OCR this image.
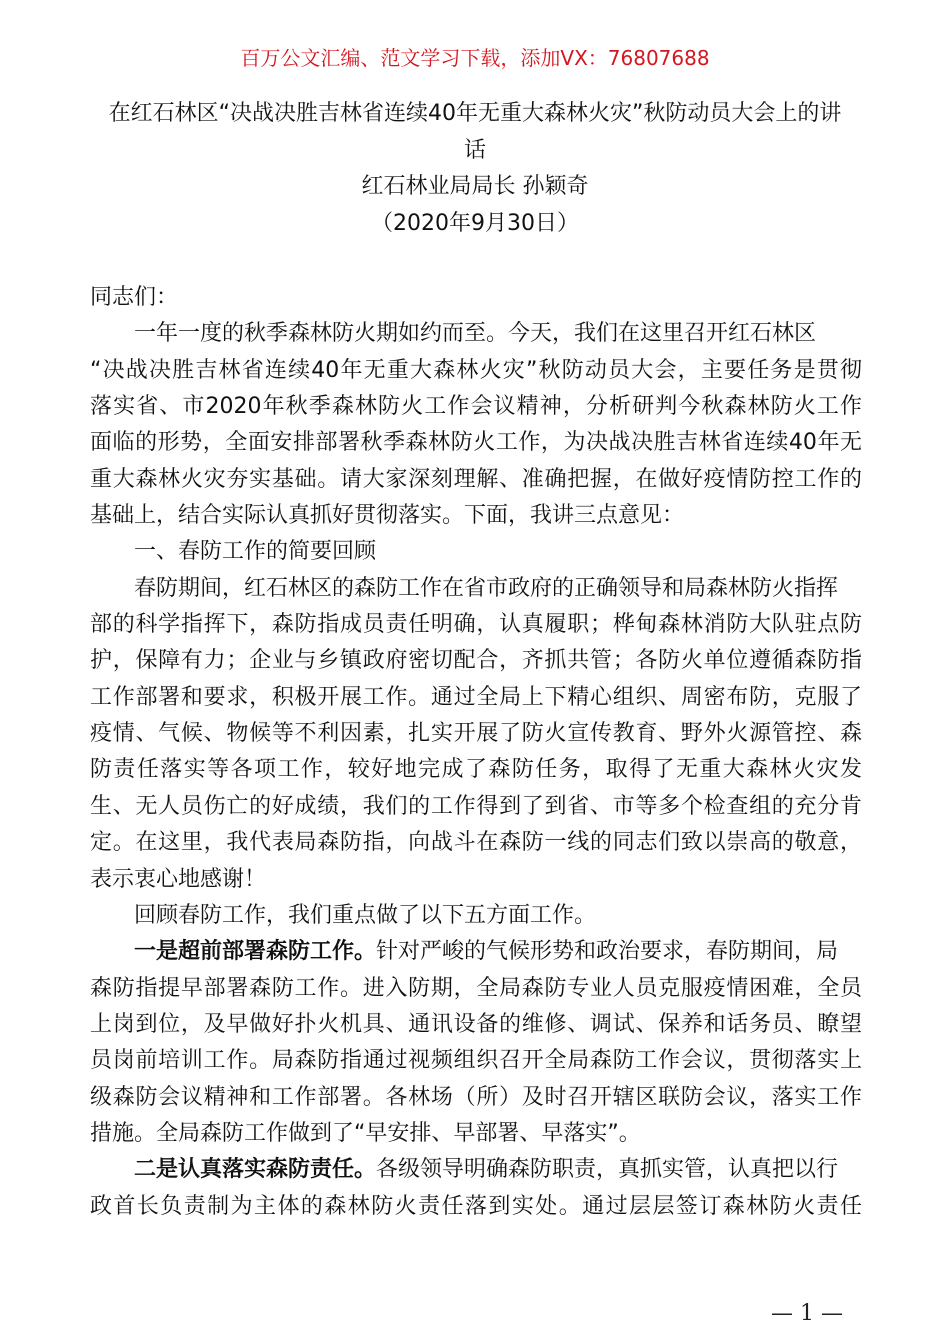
百万公文汇编、范文学习下载，添加VX：76807688
在红石林区“决战决胜吉林省连续40年无重大森林火灾”秋防动员大会上的讲
话
红石林业局局长 孙颖奇
（2020年9月30日）
同志们：
一年一度的秋季森林防火期如约而至。今天，我们在这里召开红石林区
“决战决胜吉林省连续40年无重大森林火灾”秋防动员大会，主要任务是贯彻
落实省、市2020年秋季森林防火工作会议精神，分析研判今秋森林防火工作
面临的形势，全面安排部署秋季森林防火工作，为决战决胜吉林省连续40年无
重大森林火灾夯实基础。请大家深刻理解、准确把握，在做好疫情防控工作的
基础上，结合实际认真抓好贯彻落实。下面，我讲三点意见：
一、春防工作的简要回顾
春防期间，红石林区的森防工作在省市政府的正确领导和局森林防火指挥
部的科学指挥下，森防指成员责任明确，认真履职；桦甸森林消防大队驻点防
护，保障有力；企业与乡镇政府密切配合，齐抓共管；各防火单位遵循森防指
工作部署和要求，积极开展工作。通过全局上下精心组织、周密布防，克服了
疫情、气候、物候等不利因素，扎实开展了防火宣传教育、野外火源管控、森
防责任落实等各项工作，较好地完成了森防任务，取得了无重大森林火灾发
生、无人员伤亡的好成绩，我们的工作得到了到省、市等多个检查组的充分肯
定。在这里，我代表局森防指，向战斗在森防一线的同志们致以崇高的敬意，
表示衷心地感谢！
回顾春防工作，我们重点做了以下五方面工作。
一是超前部署森防工作。针对严峻的气候形势和政治要求，春防期间，局
森防指提早部署森防工作。进入防期，全局森防专业人员克服疫情困难，全员
上岗到位，及早做好扑火机具、通讯设备的维修、调试、保养和话务员、瞭望
员岗前培训工作。局森防指通过视频组织召开全局森防工作会议，贯彻落实上
级森防会议精神和工作部署。各林场（所）及时召开辖区联防会议，落实工作
措施。全局森防工作做到了“早安排、早部署、早落实”。
二是认真落实森防责任。各级领导明确森防职责，真抓实管，认真把以行
政首长负责制为主体的森林防火责任落到实处。通过层层签订森林防火责任
— 1 —
